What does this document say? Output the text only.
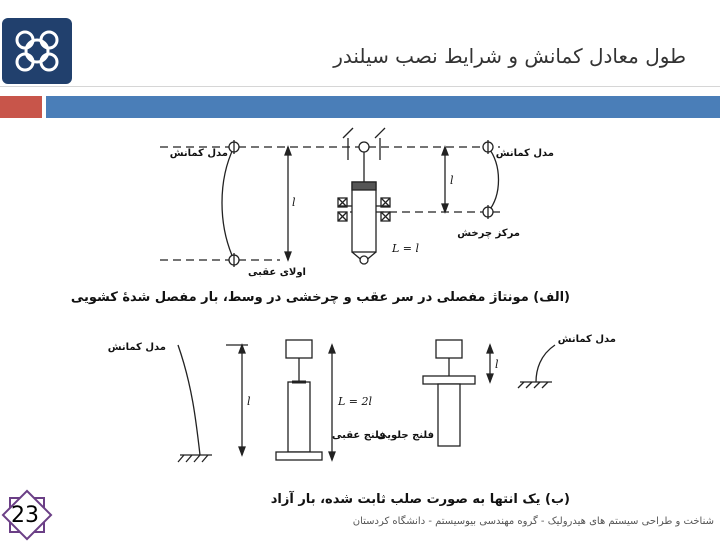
طول معادل کمانش و شرایط نصب سیلندر
مدل کمانش	مدل کمانش
اولای عقبی
مرکز چرخش
l
l
L = l
مدل کمانش
مدل کمانش
فلنج عقبی
فلنج جلویی
l
l
L = 2l
(الف) مونتاژ مفصلی در سر عقب و چرخشی در وسط، بار مفصل شدهٔ کشویی
(ب) یک انتها به صورت صلب ثابت شده، بار آزاد
23	شناخت و طراحی سیستم های هیدرولیک - گروه مهندسی بیوسیستم - دانشگاه کردستان
